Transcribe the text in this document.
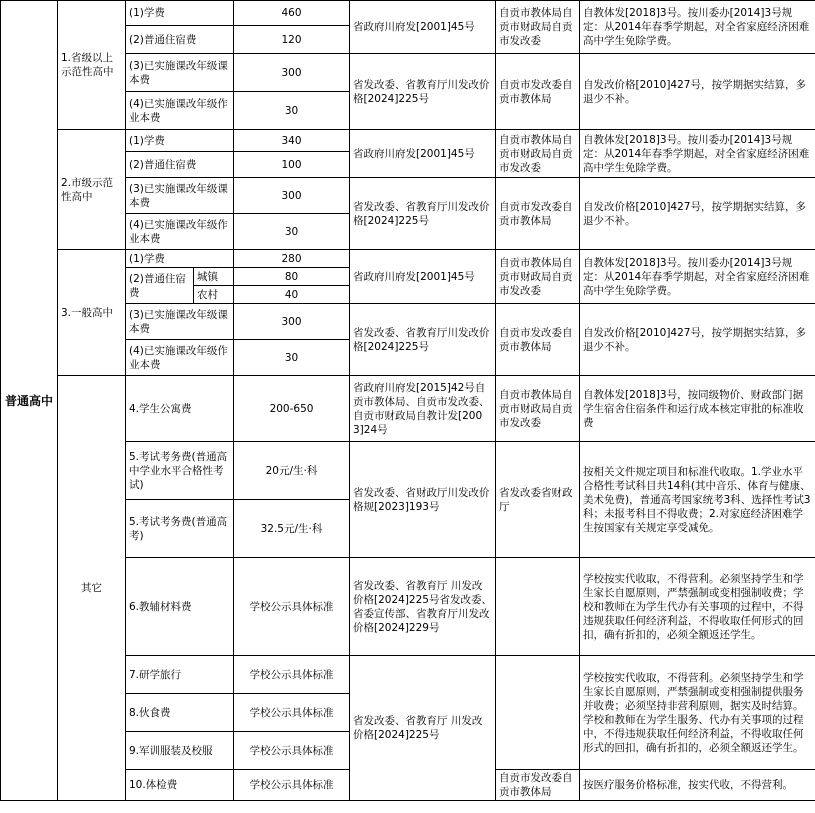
普通高中	1.省级以上示范性高中	(1)学费		460	省政府川府发[2001]45号	自贡市教体局自贡市财政局自贡市发改委	自教体发[2018]3号。按川委办[2014]3号规定：从2014年春季学期起，对全省家庭经济困难高中学生免除学费。
		(2)普通住宿费		120			
		(3)已实施课改年级课本费		300	省发改委、省教育厅川发改价格[2024]225号	自贡市发改委自贡市教体局	自发改价格[2010]427号，按学期据实结算，多退少不补。
		(4)已实施课改年级作业本费		30			
	2.市级示范性高中	(1)学费		340	省政府川府发[2001]45号	自贡市教体局自贡市财政局自贡市发改委	自教体发[2018]3号。按川委办[2014]3号规定：从2014年春季学期起，对全省家庭经济困难高中学生免除学费。
		(2)普通住宿费		100			
		(3)已实施课改年级课本费		300	省发改委、省教育厅川发改价格[2024]225号	自贡市发改委自贡市教体局	自发改价格[2010]427号，按学期据实结算，多退少不补。
		(4)已实施课改年级作业本费		30			
	3.一般高中	(1)学费		280	省政府川府发[2001]45号	自贡市教体局自贡市财政局自贡市发改委	自教体发[2018]3号。按川委办[2014]3号规定：从2014年春季学期起，对全省家庭经济困难高中学生免除学费。
		(2)普通住宿费	城镇	80			
			农村	40			
		(3)已实施课改年级课本费		300	省发改委、省教育厅川发改价格[2024]225号	自贡市发改委自贡市教体局	自发改价格[2010]427号，按学期据实结算，多退少不补。
		(4)已实施课改年级作业本费		30			
	其它	4.学生公寓费		200-650	省政府川府发[2015]42号自贡市教体局、自贡市发改委、自贡市财政局自教计发[2003]24号	自贡市教体局自贡市财政局自贡市发改委	自教体发[2018]3号，按同级物价、财政部门据学生宿舍住宿条件和运行成本核定审批的标准收费
		5.考试考务费(普通高中学业水平合格性考试)		20元/生·科	省发改委、省财政厅川发改价格规[2023]193号	省发改委省财政厅	按相关文件规定项目和标准代收取。1.学业水平合格性考试科目共14科(其中音乐、体育与健康、美术免费)，普通高考国家统考3科、选择性考试3科；未报考科目不得收费；2.对家庭经济困难学生按国家有关规定享受减免。
		5.考试考务费(普通高考)		32.5元/生·科			
		6.教辅材料费		学校公示具体标准	省发改委、省教育厅 川发改价格[2024]225号省发改委、省委宣传部、省教育厅川发改价格[2024]229号		学校按实代收取，不得营利。必须坚持学生和学生家长自愿原则，严禁强制或变相强制收费；学校和教师在为学生代办有关事项的过程中，不得违规获取任何经济利益，不得收取任何形式的回扣，确有折扣的，必须全额返还学生。
		7.研学旅行		学校公示具体标准	省发改委、省教育厅 川发改价格[2024]225号		学校按实代收取，不得营利。必须坚持学生和学生家长自愿原则，严禁强制或变相强制提供服务并收费；必须坚持非营利原则，据实及时结算。学校和教师在为学生服务、代办有关事项的过程中，不得违规获取任何经济利益，不得收取任何形式的回扣，确有折扣的，必须全额返还学生。
		8.伙食费		学校公示具体标准			
		9.军训服装及校服		学校公示具体标准			
		10.体检费		学校公示具体标准		自贡市发改委自贡市教体局	按医疗服务价格标准，按实代收，不得营利。
